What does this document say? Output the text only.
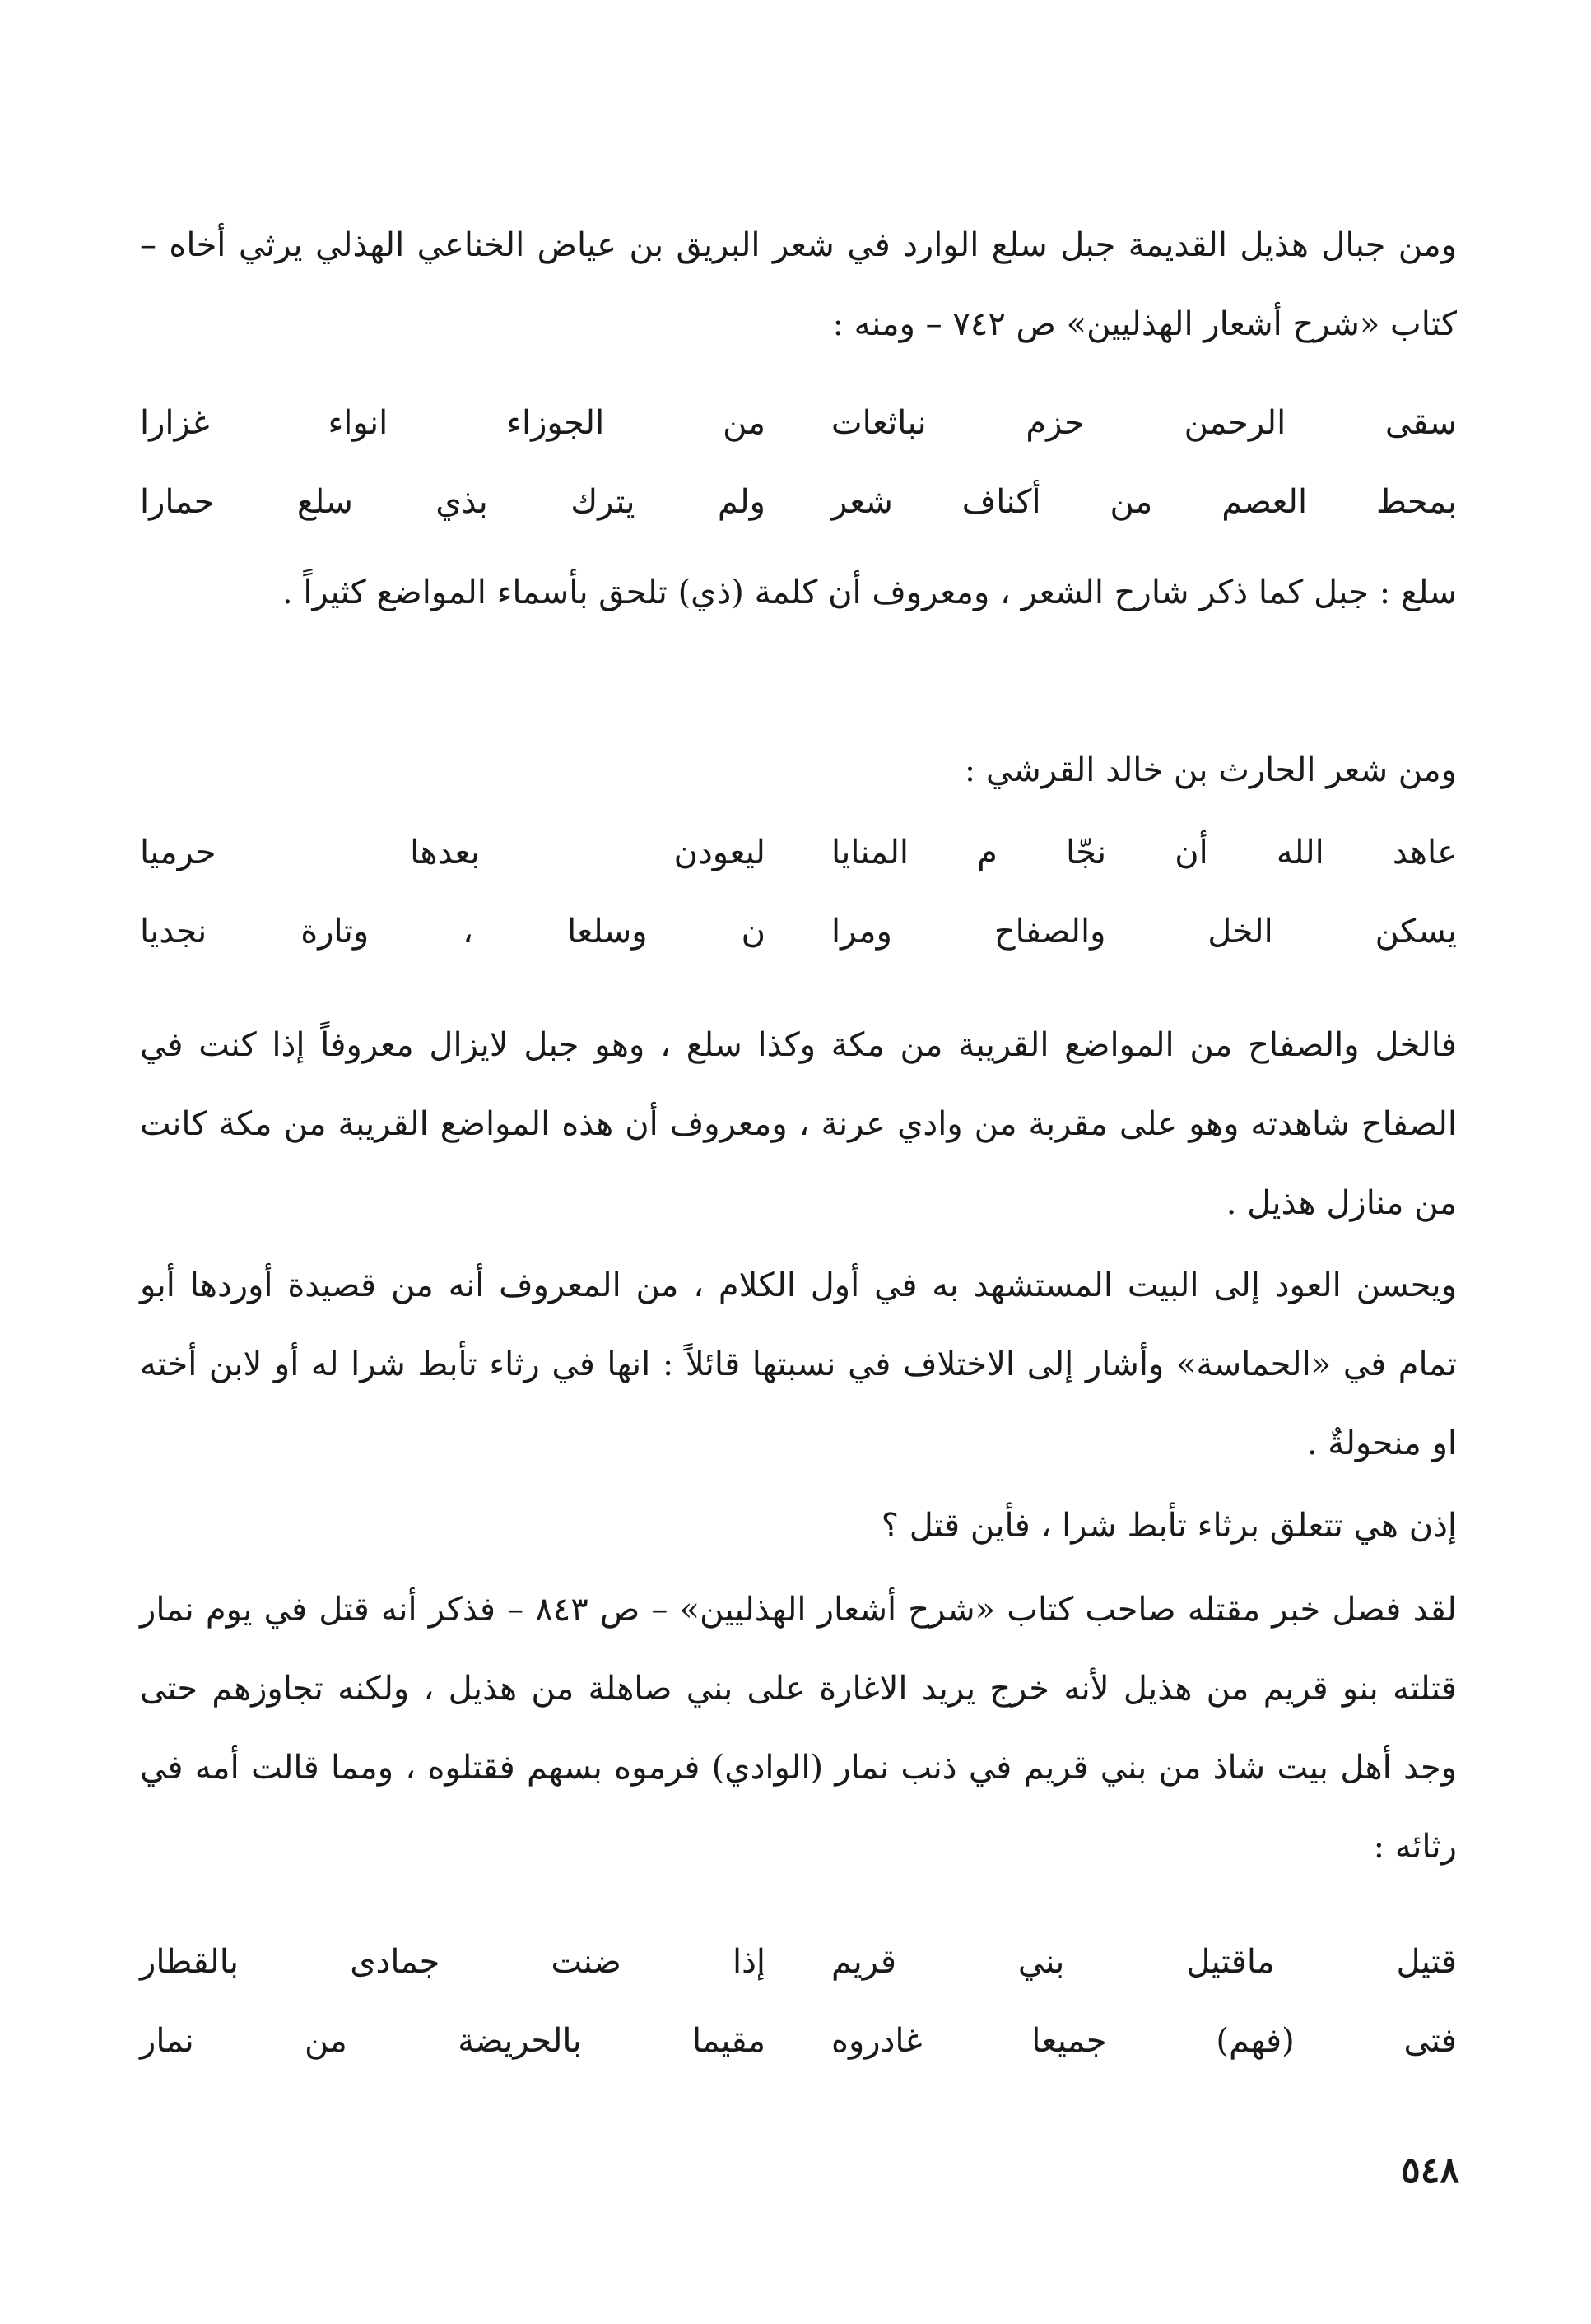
ومن جبال هذيل القديمة جبل سلع الوارد في شعر البريق بن عياض الخناعي الهذلي يرثي أخاه – كتاب «شرح أشعار الهذليين» ص ٧٤٢ – ومنه :

سقى الرحمن حزم نباثعات
من الجوزاء انواء غزارا
بمحط العصم من أكناف شعر
ولم يترك بذي سلع حمارا

سلع : جبل كما ذكر شارح الشعر ، ومعروف أن كلمة (ذي) تلحق بأسماء المواضع كثيراً .

ومن شعر الحارث بن خالد القرشي :

عاهد الله أن نجّا م المنايا
ليعودن بعدها حرميا
يسكن الخل والصفاح ومرا
ن وسلعا ، وتارة نجديا

فالخل والصفاح من المواضع القريبة من مكة وكذا سلع ، وهو جبل لايزال معروفاً إذا كنت في الصفاح شاهدته وهو على مقربة من وادي عرنة ، ومعروف أن هذه المواضع القريبة من مكة كانت من منازل هذيل .

ويحسن العود إلى البيت المستشهد به في أول الكلام ، من المعروف أنه من قصيدة أوردها أبو تمام في «الحماسة» وأشار إلى الاختلاف في نسبتها قائلاً : انها في رثاء تأبط شرا له أو لابن أخته او منحولةٌ .

إذن هي تتعلق برثاء تأبط شرا ، فأين قتل ؟

لقد فصل خبر مقتله صاحب كتاب «شرح أشعار الهذليين» – ص ٨٤٣ – فذكر أنه قتل في يوم نمار قتلته بنو قريم من هذيل لأنه خرج يريد الاغارة على بني صاهلة من هذيل ، ولكنه تجاوزهم حتى وجد أهل بيت شاذ من بني قريم في ذنب نمار (الوادي) فرموه بسهم فقتلوه ، ومما قالت أمه في رثائه :

قتيل ماقتيل بني قريم
إذا ضنت جمادى بالقطار
فتى (فهم) جميعا غادروه
مقيما بالحريضة من نمار
٥٤٨
